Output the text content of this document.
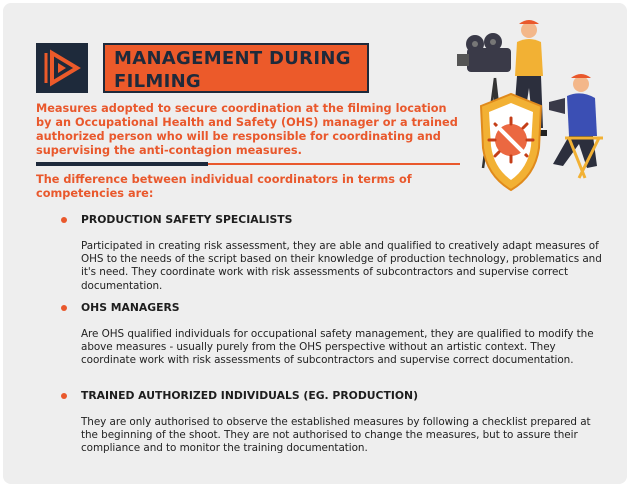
MANAGEMENT DURING
FILMING
Measures adopted to secure coordination at the filming location by an Occupational Health and Safety (OHS) manager or a trained authorized person who will be responsible for coordinating and supervising the anti-contagion measures.
The difference between individual coordinators in terms of competencies are:
PRODUCTION SAFETY SPECIALISTS
Participated in creating risk assessment, they are able and qualified to creatively adapt measures of OHS to the needs of the script based on their knowledge of production technology, problematics and it's need. They coordinate work with risk assessments of subcontractors and supervise correct documentation.
OHS MANAGERS
Are OHS qualified individuals for occupational safety management, they are qualified to modify the above measures - usually purely from the OHS perspective without an artistic context. They coordinate work with risk assessments of subcontractors and supervise correct documentation.
TRAINED AUTHORIZED INDIVIDUALS (EG. PRODUCTION)
They are only authorised to observe the established measures by following a checklist prepared at the beginning of the shoot. They are not authorised to change the measures, but to assure their compliance and to monitor the training documentation.
